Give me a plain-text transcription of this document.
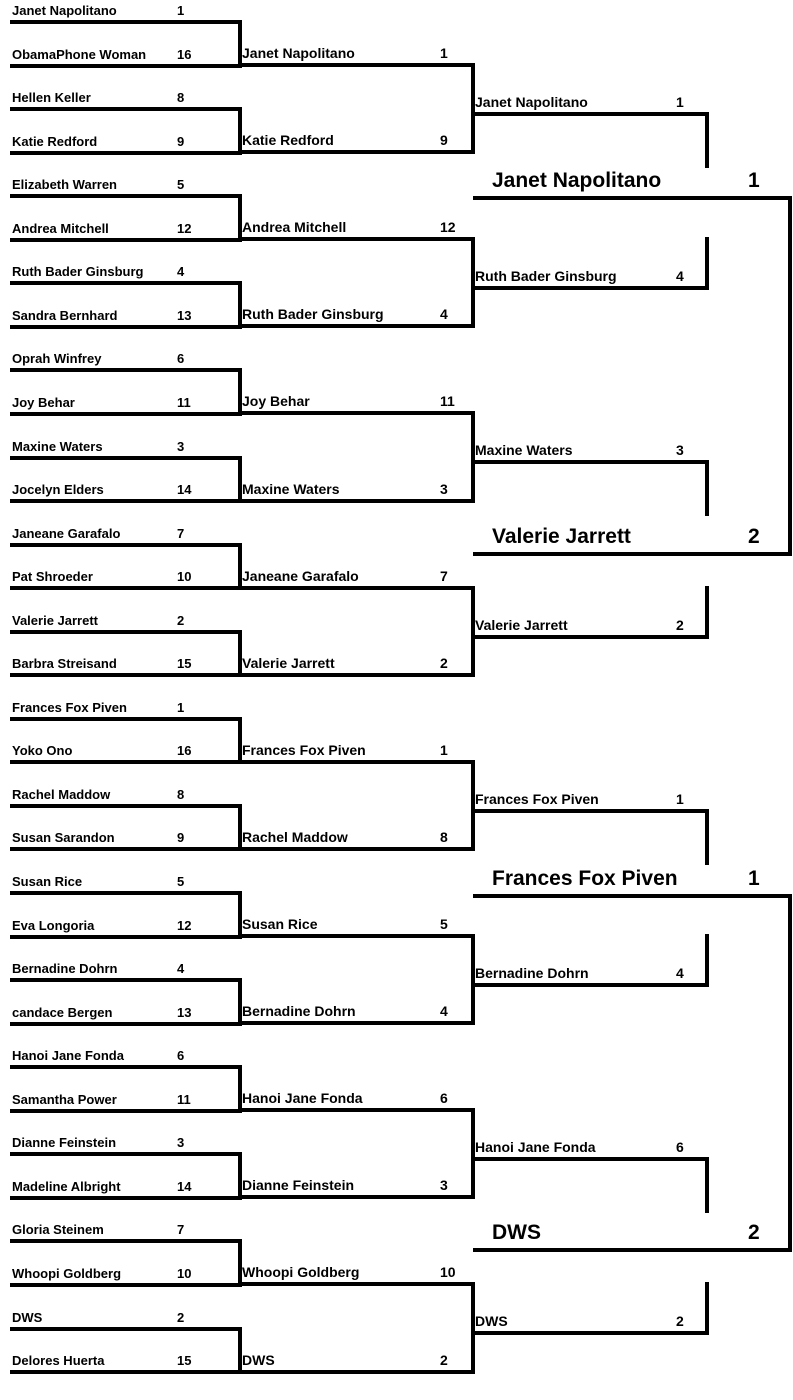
Janet Napolitano	1
ObamaPhone Woman 16
Hellen Keller	8
Katie Redford	9
Elizabeth Warren	5
Andrea Mitchell	12
Ruth Bader Ginsburg	4
Sandra Bernhard	13
Oprah Winfrey	6
Joy Behar	11
Maxine Waters	3
Jocelyn Elders	14
Janeane Garafalo	7
Pat Shroeder	10
Valerie Jarrett	2
Barbra Streisand	15
Frances Fox Piven	1
Yoko Ono	16
Rachel Maddow	8
Susan Sarandon	9
Susan Rice	5
Eva Longoria	12
Bernadine Dohrn	4
candace Bergen	13
Hanoi Jane Fonda	6
Samantha Power	11
Dianne Feinstein	3
Madeline Albright	14
Gloria Steinem	7
Whoopi Goldberg	10
DWS	2
Delores Huerta	15
Janet Napolitano	1
Katie Redford	9
Andrea Mitchell	12
Ruth Bader Ginsburg	4
Joy Behar	11
Maxine Waters	3
Janeane Garafalo	7
Valerie Jarrett	2
Frances Fox Piven	1
Rachel Maddow	8
Susan Rice	5
Bernadine Dohrn	4
Hanoi Jane Fonda	6
Dianne Feinstein	3
Whoopi Goldberg	10
DWS	2
Janet Napolitano	1
Ruth Bader Ginsburg	4
Maxine Waters	3
Valerie Jarrett	2
Frances Fox Piven	1
Bernadine Dohrn	4
Hanoi Jane Fonda	6
DWS	2
Janet Napolitano	1
Valerie Jarrett	2
Frances Fox Piven	1
DWS	2
